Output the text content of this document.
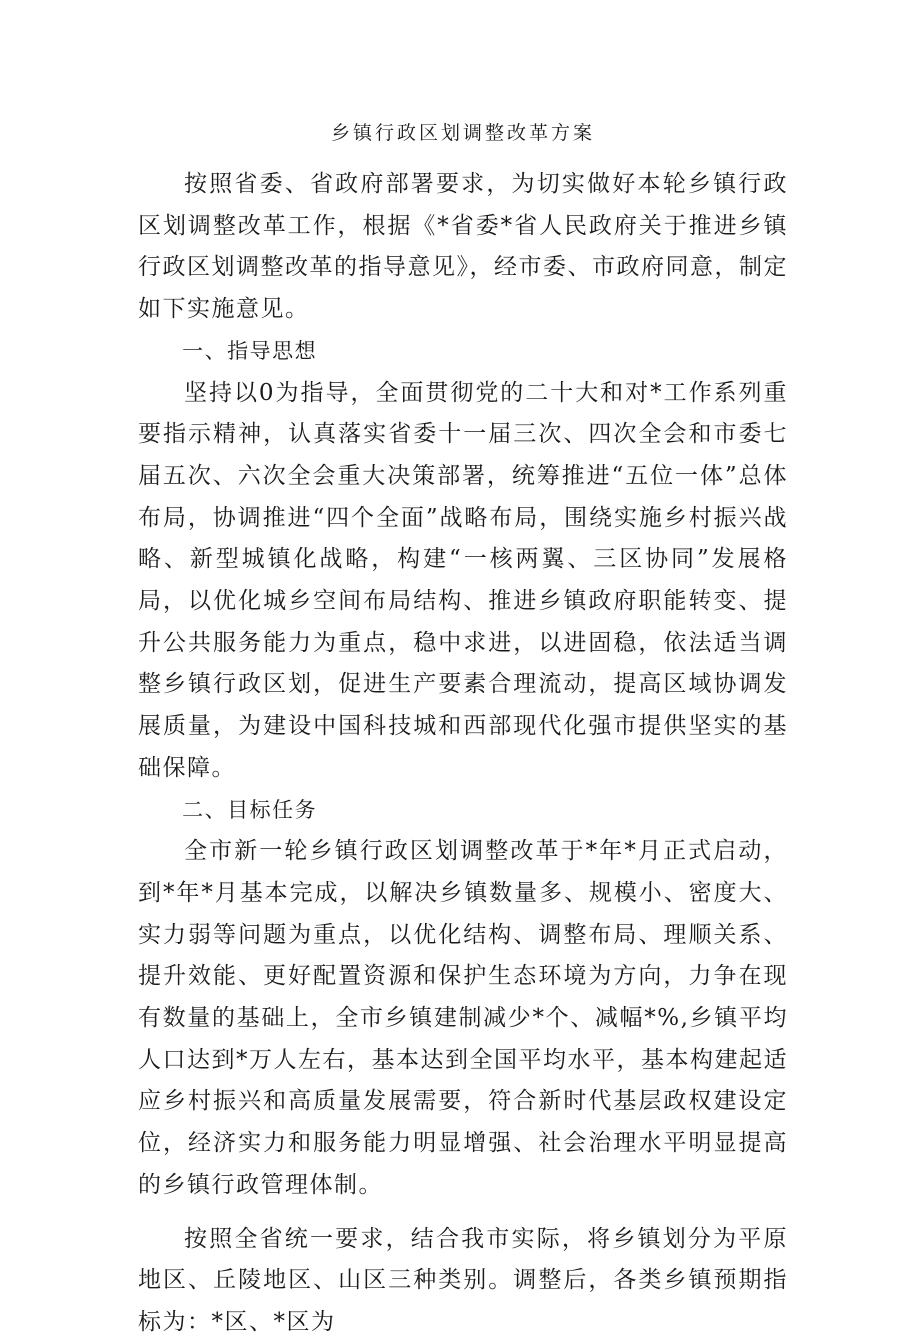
乡镇行政区划调整改革方案

按照省委、省政府部署要求，为切实做好本轮乡镇行政区划调整改革工作，根据《*省委*省人民政府关于推进乡镇行政区划调整改革的指导意见》，经市委、市政府同意，制定如下实施意见。

一、指导思想

坚持以0为指导，全面贯彻党的二十大和对*工作系列重要指示精神，认真落实省委十一届三次、四次全会和市委七届五次、六次全会重大决策部署，统筹推进“五位一体”总体布局，协调推进“四个全面”战略布局，围绕实施乡村振兴战略、新型城镇化战略，构建“一核两翼、三区协同”发展格局，以优化城乡空间布局结构、推进乡镇政府职能转变、提升公共服务能力为重点，稳中求进，以进固稳，依法适当调整乡镇行政区划，促进生产要素合理流动，提高区域协调发展质量，为建设中国科技城和西部现代化强市提供坚实的基础保障。

二、目标任务

全市新一轮乡镇行政区划调整改革于*年*月正式启动，到*年*月基本完成，以解决乡镇数量多、规模小、密度大、实力弱等问题为重点，以优化结构、调整布局、理顺关系、提升效能、更好配置资源和保护生态环境为方向，力争在现有数量的基础上，全市乡镇建制减少*个、减幅*%,乡镇平均人口达到*万人左右，基本达到全国平均水平，基本构建起适应乡村振兴和高质量发展需要，符合新时代基层政权建设定位，经济实力和服务能力明显增强、社会治理水平明显提高的乡镇行政管理体制。

按照全省统一要求，结合我市实际，将乡镇划分为平原地区、丘陵地区、山区三种类别。调整后，各类乡镇预期指标为：*区、*区为
